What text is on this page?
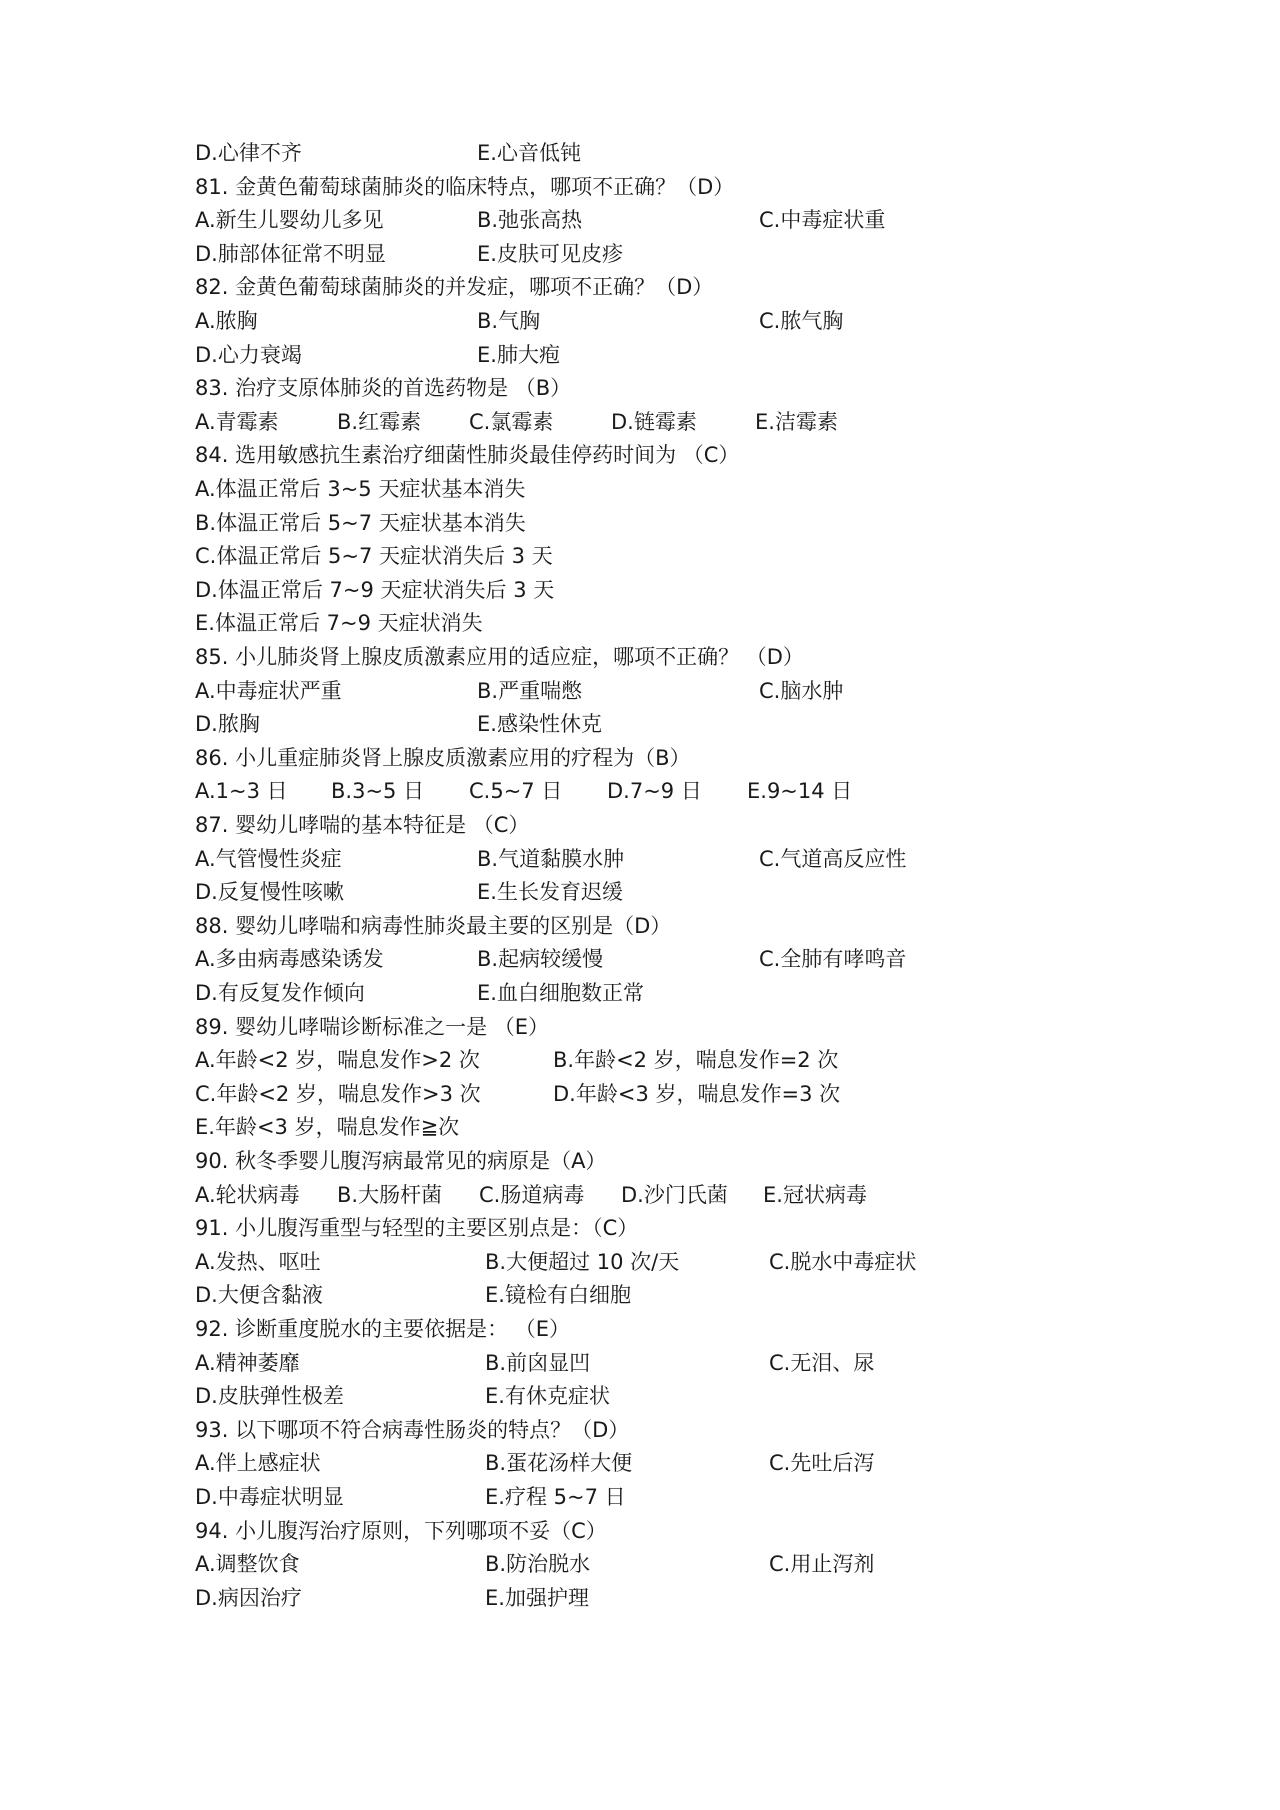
D.心律不齐	E.心音低钝
81. 金黄色葡萄球菌肺炎的临床特点，哪项不正确？（D）
A.新生儿婴幼儿多见	B.弛张高热	C.中毒症状重
D.肺部体征常不明显	E.皮肤可见皮疹
82. 金黄色葡萄球菌肺炎的并发症，哪项不正确？（D）
A.脓胸	B.气胸	C.脓气胸
D.心力衰竭	E.肺大疱
83. 治疗支原体肺炎的首选药物是 （B）
A.青霉素	B.红霉素 C.氯霉素	D.链霉素	E.洁霉素
84. 选用敏感抗生素治疗细菌性肺炎最佳停药时间为 （C）
A.体温正常后 3~5 天症状基本消失
B.体温正常后 5~7 天症状基本消失
C.体温正常后 5~7 天症状消失后 3 天
D.体温正常后 7~9 天症状消失后 3 天
E.体温正常后 7~9 天症状消失
85. 小儿肺炎肾上腺皮质激素应用的适应症，哪项不正确？ （D）
A.中毒症状严重	B.严重喘憋	C.脑水肿
D.脓胸	E.感染性休克
86. 小儿重症肺炎肾上腺皮质激素应用的疗程为（B）
A.1~3 日 B.3~5 日 C.5~7 日 D.7~9 日 E.9~14 日
87. 婴幼儿哮喘的基本特征是 （C）
A.气管慢性炎症	B.气道黏膜水肿	C.气道高反应性
D.反复慢性咳嗽	E.生长发育迟缓
88. 婴幼儿哮喘和病毒性肺炎最主要的区别是（D）
A.多由病毒感染诱发	B.起病较缓慢	C.全肺有哮鸣音
D.有反复发作倾向	E.血白细胞数正常
89. 婴幼儿哮喘诊断标准之一是 （E）
A.年龄<2 岁，喘息发作>2 次	B.年龄<2 岁，喘息发作=2 次
C.年龄<2 岁，喘息发作>3 次	D.年龄<3 岁，喘息发作=3 次
E.年龄<3 岁，喘息发作≧次
90. 秋冬季婴儿腹泻病最常见的病原是（A）
A.轮状病毒 B.大肠杆菌 C.肠道病毒 D.沙门氏菌 E.冠状病毒
91. 小儿腹泻重型与轻型的主要区别点是：（C）
A.发热、呕吐	B.大便超过 10 次/天	C.脱水中毒症状
D.大便含黏液	E.镜检有白细胞
92. 诊断重度脱水的主要依据是： （E）
A.精神萎靡	B.前囟显凹	C.无泪、尿
D.皮肤弹性极差	E.有休克症状
93. 以下哪项不符合病毒性肠炎的特点？（D）
A.伴上感症状	B.蛋花汤样大便	C.先吐后泻
D.中毒症状明显	E.疗程 5~7 日
94. 小儿腹泻治疗原则，下列哪项不妥（C）
A.调整饮食	B.防治脱水	C.用止泻剂
D.病因治疗	E.加强护理
